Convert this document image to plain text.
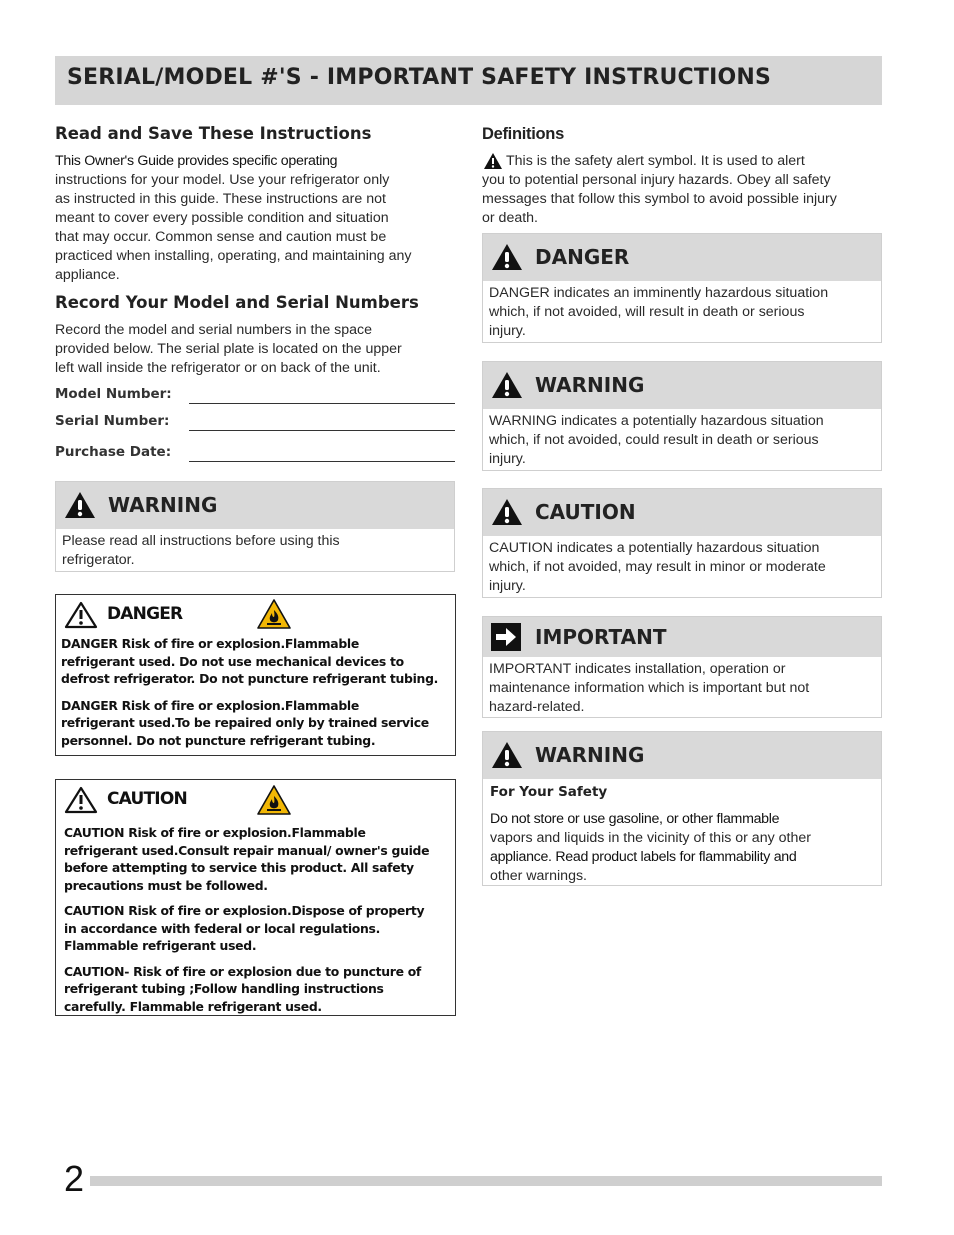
SERIAL/MODEL #'S - IMPORTANT SAFETY INSTRUCTIONS
Read and Save These Instructions
This Owner's Guide provides specific operating
instructions for your model. Use your refrigerator only
as instructed in this guide. These instructions are not
meant to cover every possible condition and situation
that may occur. Common sense and caution must be
practiced when installing, operating, and maintaining any
appliance.
Record Your Model and Serial Numbers
Record the model and serial numbers in the space
provided below. The serial plate is located on the upper
left wall inside the refrigerator or on back of the unit.
Model Number:
Serial Number:
Purchase Date:
WARNING
Please read all instructions before using this
refrigerator.
DANGER
DANGER Risk of fire or explosion.Flammable
refrigerant used. Do not use mechanical devices to
defrost refrigerator. Do not puncture refrigerant tubing.
DANGER Risk of fire or explosion.Flammable
refrigerant used.To be repaired only by trained service
personnel. Do not puncture refrigerant tubing.
CAUTION
CAUTION Risk of fire or explosion.Flammable
refrigerant used.Consult repair manual/ owner's guide
before attempting to service this product. All safety
precautions must be followed.
CAUTION Risk of fire or explosion.Dispose of property
in accordance with federal or local regulations.
Flammable refrigerant used.
CAUTION- Risk of fire or explosion due to puncture of
refrigerant tubing ;Follow handling instructions
carefully. Flammable refrigerant used.
Definitions
This is the safety alert symbol. It is used to alert
you to potential personal injury hazards. Obey all safety
messages that follow this symbol to avoid possible injury
or death.
DANGER
DANGER indicates an imminently hazardous situation
which, if not avoided, will result in death or serious
injury.
WARNING
WARNING indicates a potentially hazardous situation
which, if not avoided, could result in death or serious
injury.
CAUTION
CAUTION indicates a potentially hazardous situation
which, if not avoided, may result in minor or moderate
injury.
IMPORTANT
IMPORTANT indicates installation, operation or
maintenance information which is important but not
hazard-related.
WARNING
For Your Safety
Do not store or use gasoline, or other flammable
vapors and liquids in the vicinity of this or any other
appliance. Read product labels for flammability and
other warnings.
2
